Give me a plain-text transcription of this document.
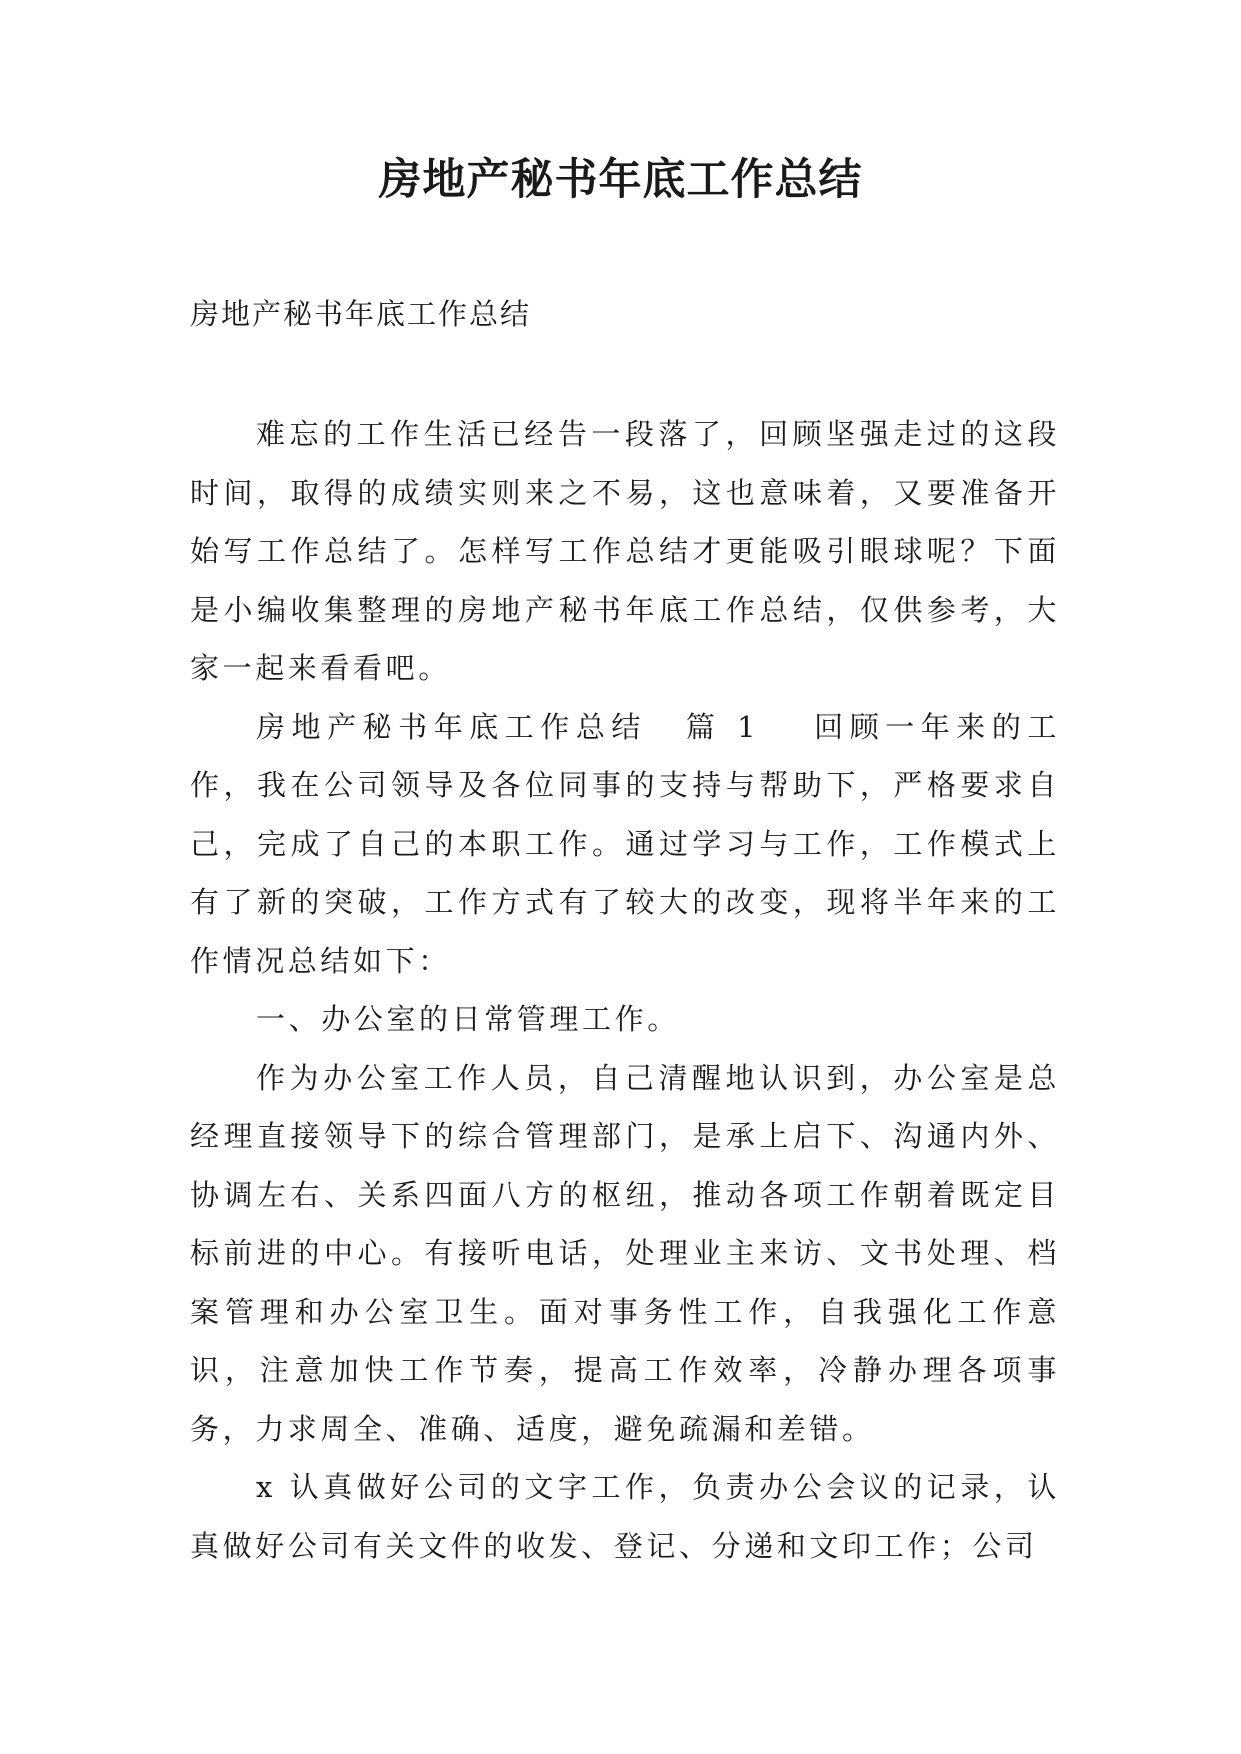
房地产秘书年底工作总结

房地产秘书年底工作总结

难忘的工作生活已经告一段落了，回顾坚强走过的这段时间，取得的成绩实则来之不易，这也意味着，又要准备开始写工作总结了。怎样写工作总结才更能吸引眼球呢？下面是小编收集整理的房地产秘书年底工作总结，仅供参考，大家一起来看看吧。

房地产秘书年底工作总结 篇 1 回顾一年来的工作，我在公司领导及各位同事的支持与帮助下，严格要求自己，完成了自己的本职工作。通过学习与工作，工作模式上有了新的突破，工作方式有了较大的改变，现将半年来的工作情况总结如下：

一、办公室的日常管理工作。

作为办公室工作人员，自己清醒地认识到，办公室是总经理直接领导下的综合管理部门，是承上启下、沟通内外、协调左右、关系四面八方的枢纽，推动各项工作朝着既定目标前进的中心。有接听电话，处理业主来访、文书处理、档案管理和办公室卫生。面对事务性工作，自我强化工作意识，注意加快工作节奏，提高工作效率，冷静办理各项事务，力求周全、准确、适度，避免疏漏和差错。

x 认真做好公司的文字工作，负责办公会议的记录，认真做好公司有关文件的收发、登记、分递和文印工作；公司
